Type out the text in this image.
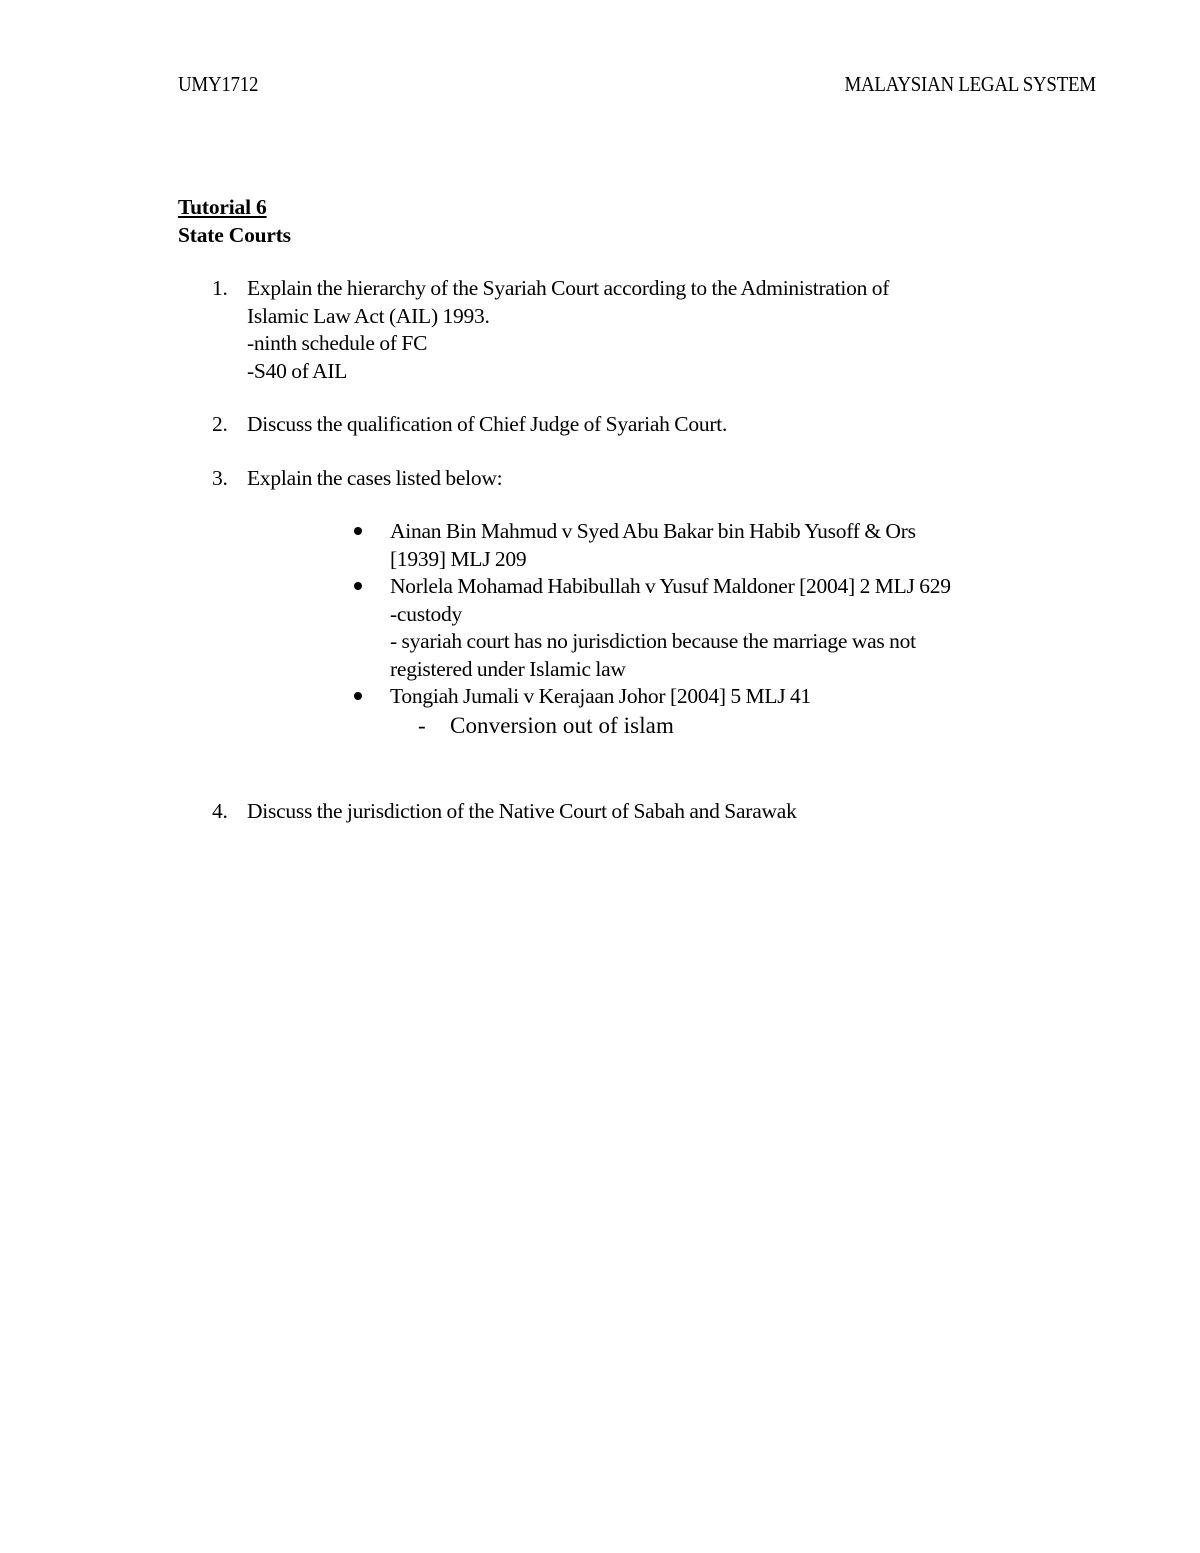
UMY1712	MALAYSIAN LEGAL SYSTEM
Tutorial 6
State Courts
1. Explain the hierarchy of the Syariah Court according to the Administration of
Islamic Law Act (AIL) 1993.
-ninth schedule of FC
-S40 of AIL
2. Discuss the qualification of Chief Judge of Syariah Court.
3. Explain the cases listed below:
Ainan Bin Mahmud v Syed Abu Bakar bin Habib Yusoff & Ors
[1939] MLJ 209
Norlela Mohamad Habibullah v Yusuf Maldoner [2004] 2 MLJ 629
-custody
- syariah court has no jurisdiction because the marriage was not
registered under Islamic law
Tongiah Jumali v Kerajaan Johor [2004] 5 MLJ 41
- Conversion out of islam
4. Discuss the jurisdiction of the Native Court of Sabah and Sarawak
